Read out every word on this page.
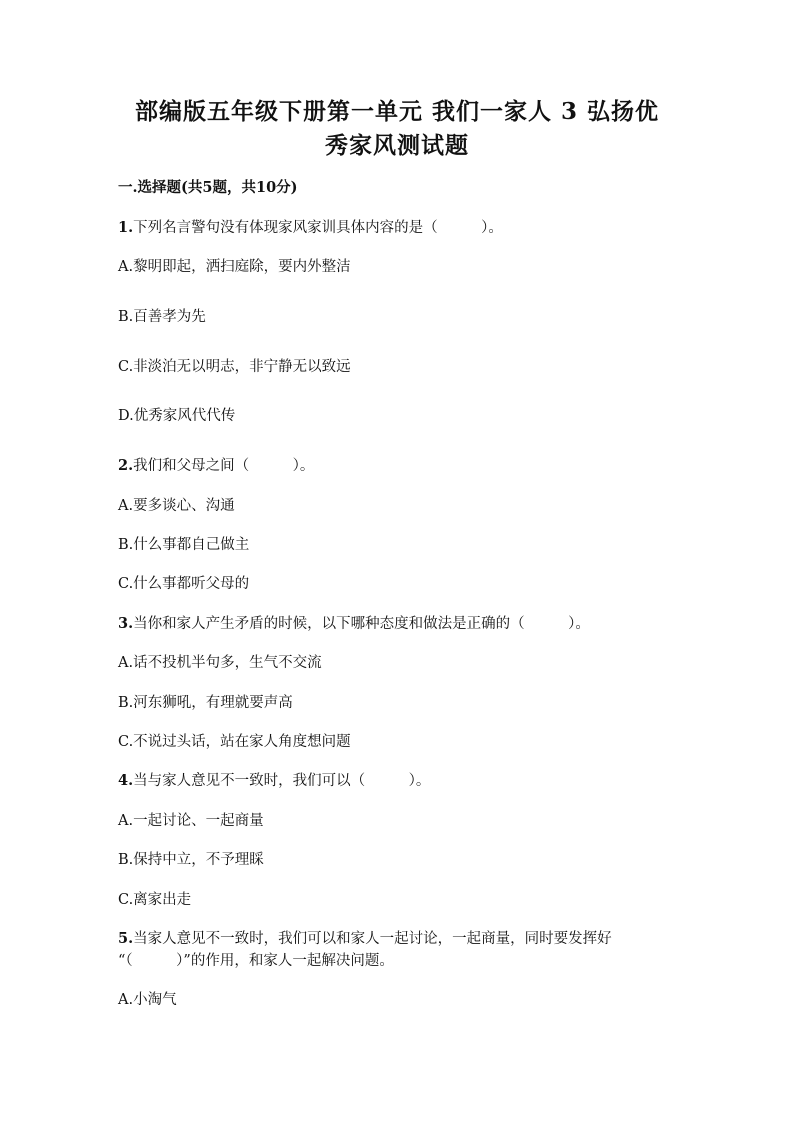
部编版五年级下册第一单元 我们一家人 3 弘扬优
秀家风测试题
一.选择题(共5题，共10分)
1.下列名言警句没有体现家风家训具体内容的是（　　　）。
A.黎明即起，洒扫庭除，要内外整洁
B.百善孝为先
C.非淡泊无以明志，非宁静无以致远
D.优秀家风代代传
2.我们和父母之间（　　　）。
A.要多谈心、沟通
B.什么事都自己做主
C.什么事都听父母的
3.当你和家人产生矛盾的时候，以下哪种态度和做法是正确的（　　　）。
A.话不投机半句多，生气不交流
B.河东狮吼，有理就要声高
C.不说过头话，站在家人角度想问题
4.当与家人意见不一致时，我们可以（　　　）。
A.一起讨论、一起商量
B.保持中立，不予理睬
C.离家出走
5.当家人意见不一致时，我们可以和家人一起讨论，一起商量，同时要发挥好
“（　　　）”的作用，和家人一起解决问题。
A.小淘气
